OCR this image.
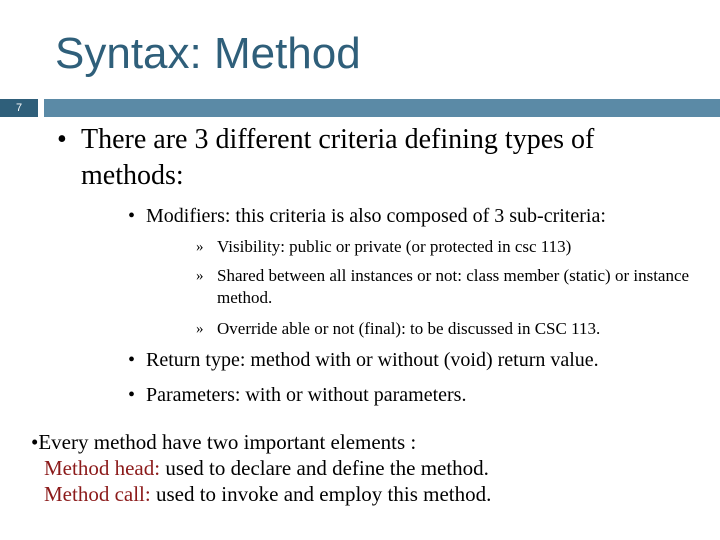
Syntax: Method
7
• There are 3 different criteria defining types of methods:
• Modifiers: this criteria is also composed of 3 sub-criteria:
» Visibility: public or private (or protected in csc 113)
» Shared between all instances or not: class member (static) or instance method.
» Override able or not (final): to be discussed in CSC 113.
• Return type: method with or without (void) return value.
• Parameters: with or without parameters.
•Every method have two important elements :
Method head: used to declare and define the method.
Method call: used to invoke and employ this method.
